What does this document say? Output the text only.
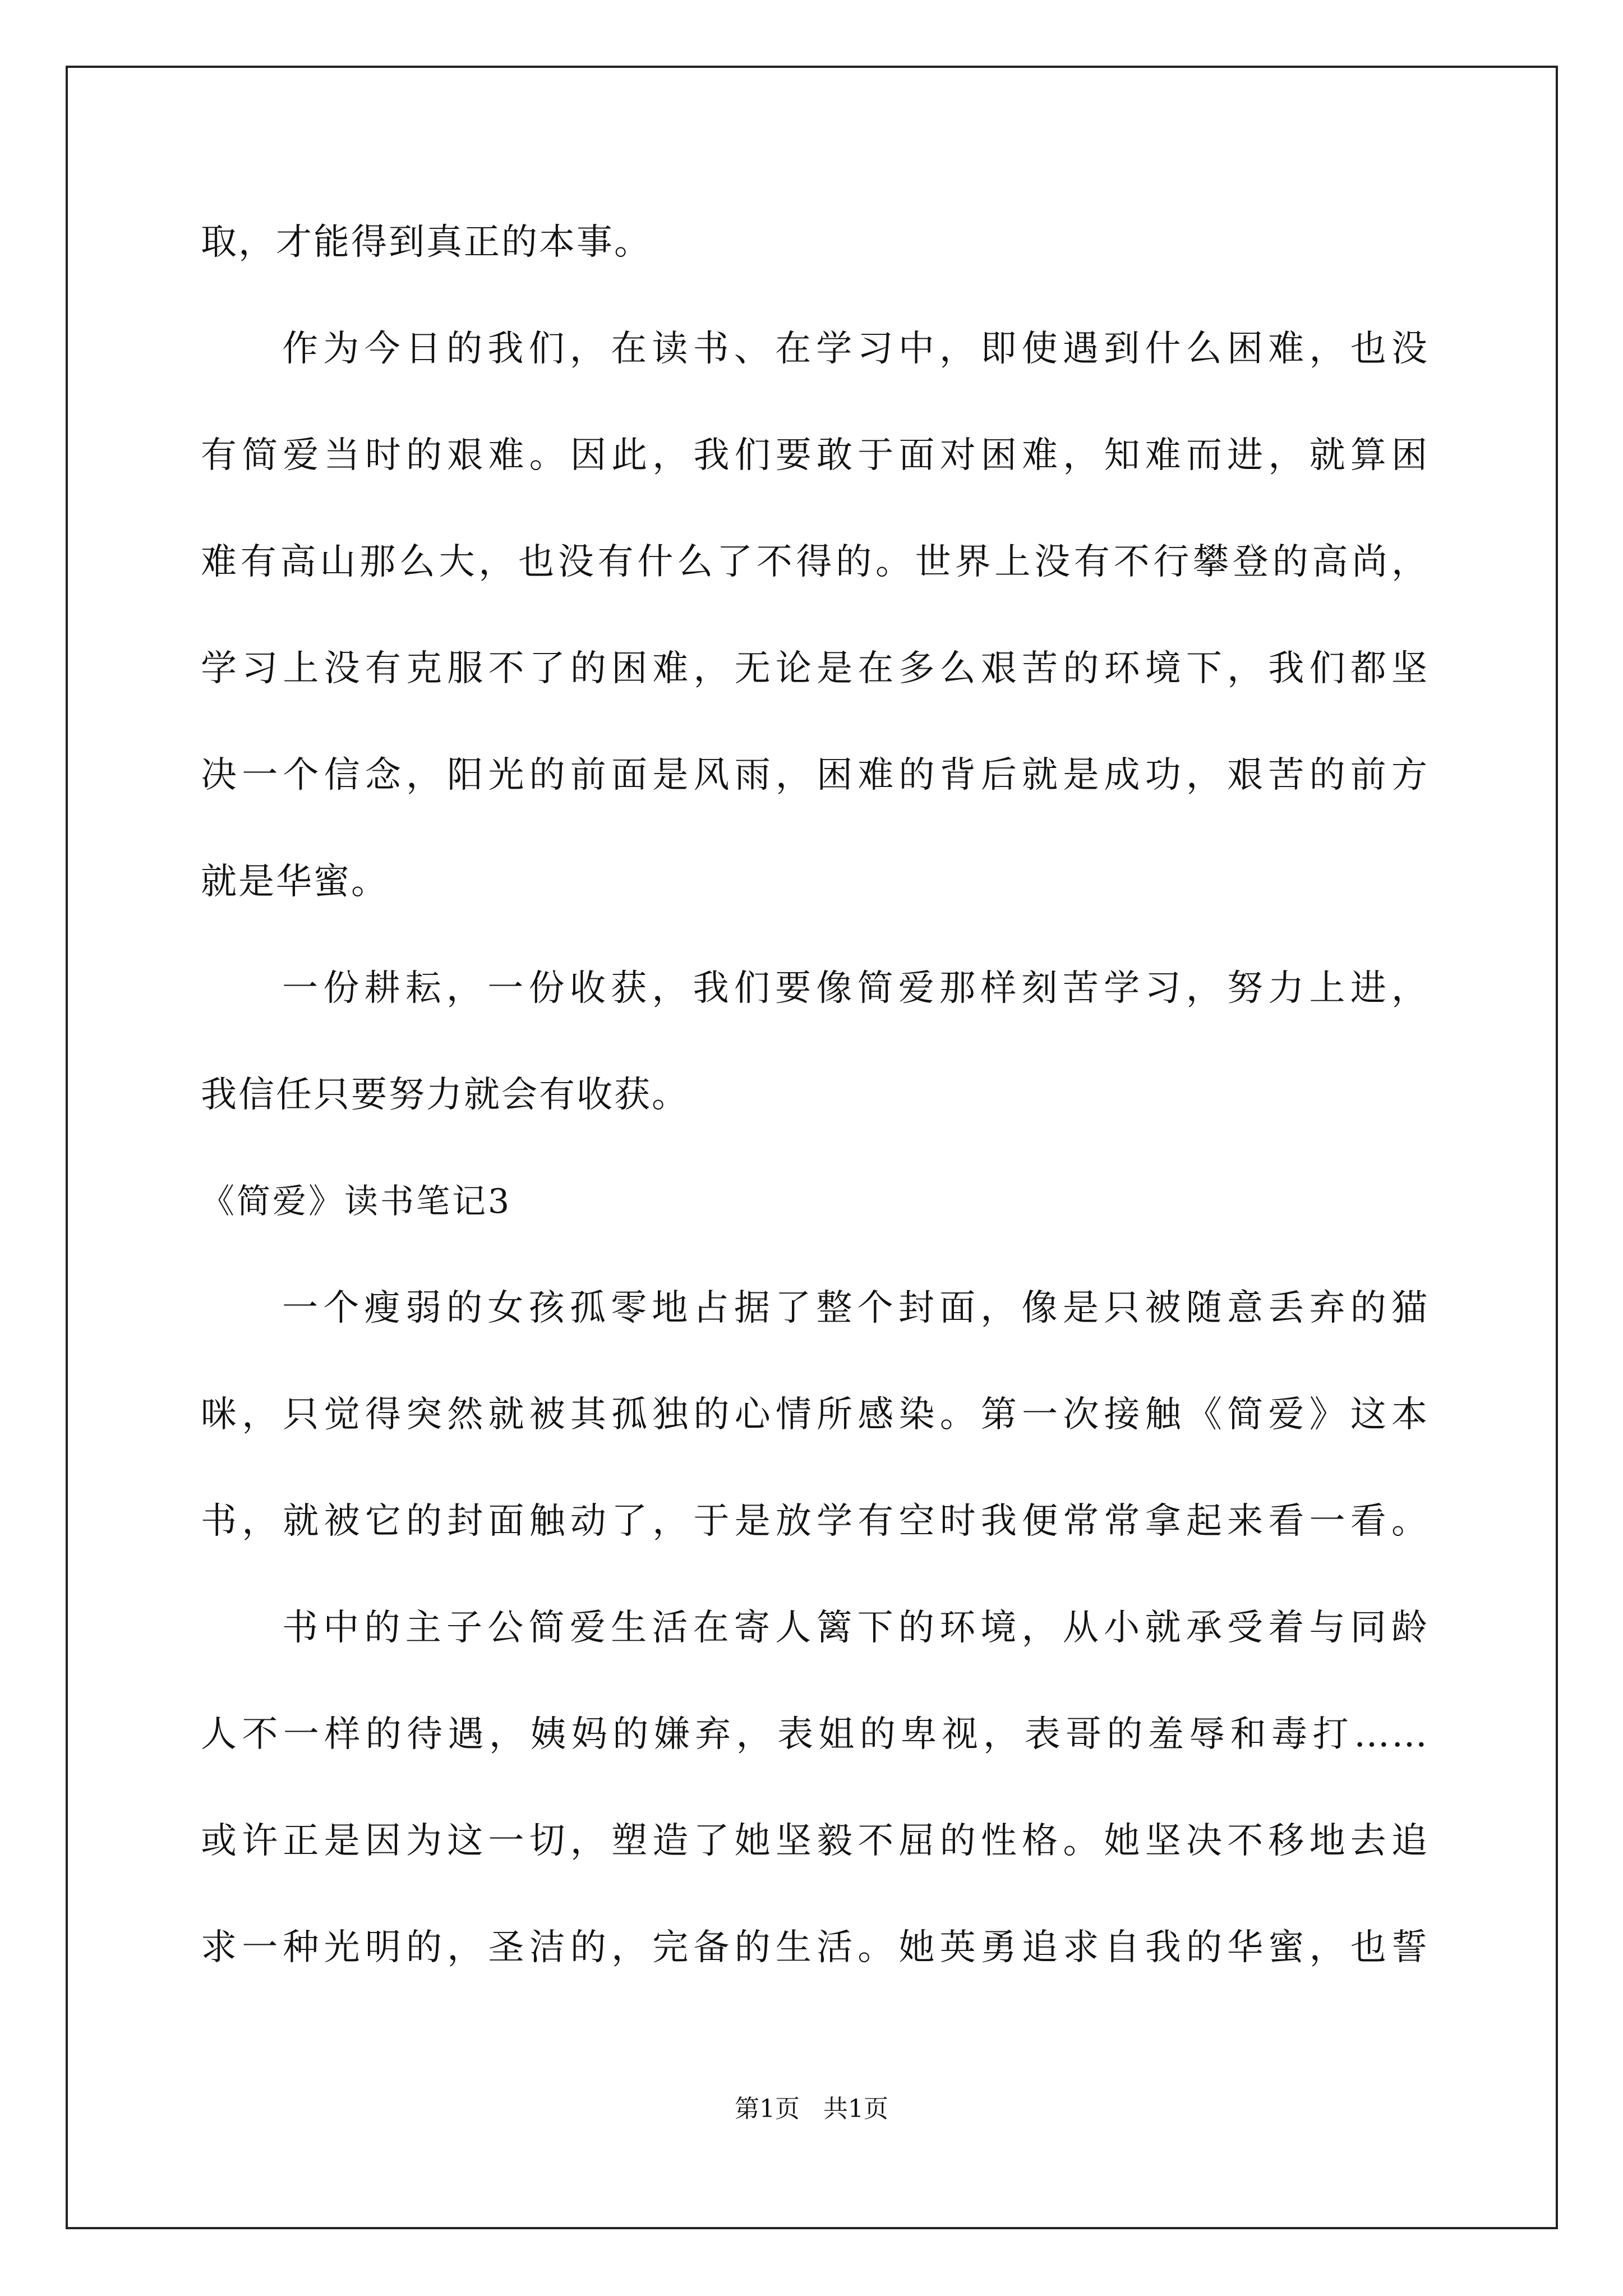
取，才能得到真正的本事。
作为今日的我们，在读书、在学习中，即使遇到什么困难，也没
有简爱当时的艰难。因此，我们要敢于面对困难，知难而进，就算困
难有高山那么大，也没有什么了不得的。世界上没有不行攀登的高尚，
学习上没有克服不了的困难，无论是在多么艰苦的环境下，我们都坚
决一个信念，阳光的前面是风雨，困难的背后就是成功，艰苦的前方
就是华蜜。
一份耕耘，一份收获，我们要像简爱那样刻苦学习，努力上进，
我信任只要努力就会有收获。
《简爱》读书笔记3
一个瘦弱的女孩孤零地占据了整个封面，像是只被随意丢弃的猫
咪，只觉得突然就被其孤独的心情所感染。第一次接触《简爱》这本
书，就被它的封面触动了，于是放学有空时我便常常拿起来看一看。
书中的主子公简爱生活在寄人篱下的环境，从小就承受着与同龄
人不一样的待遇，姨妈的嫌弃，表姐的卑视，表哥的羞辱和毒打……
或许正是因为这一切，塑造了她坚毅不屈的性格。她坚决不移地去追
求一种光明的，圣洁的，完备的生活。她英勇追求自我的华蜜，也誓
第1页   共1页
